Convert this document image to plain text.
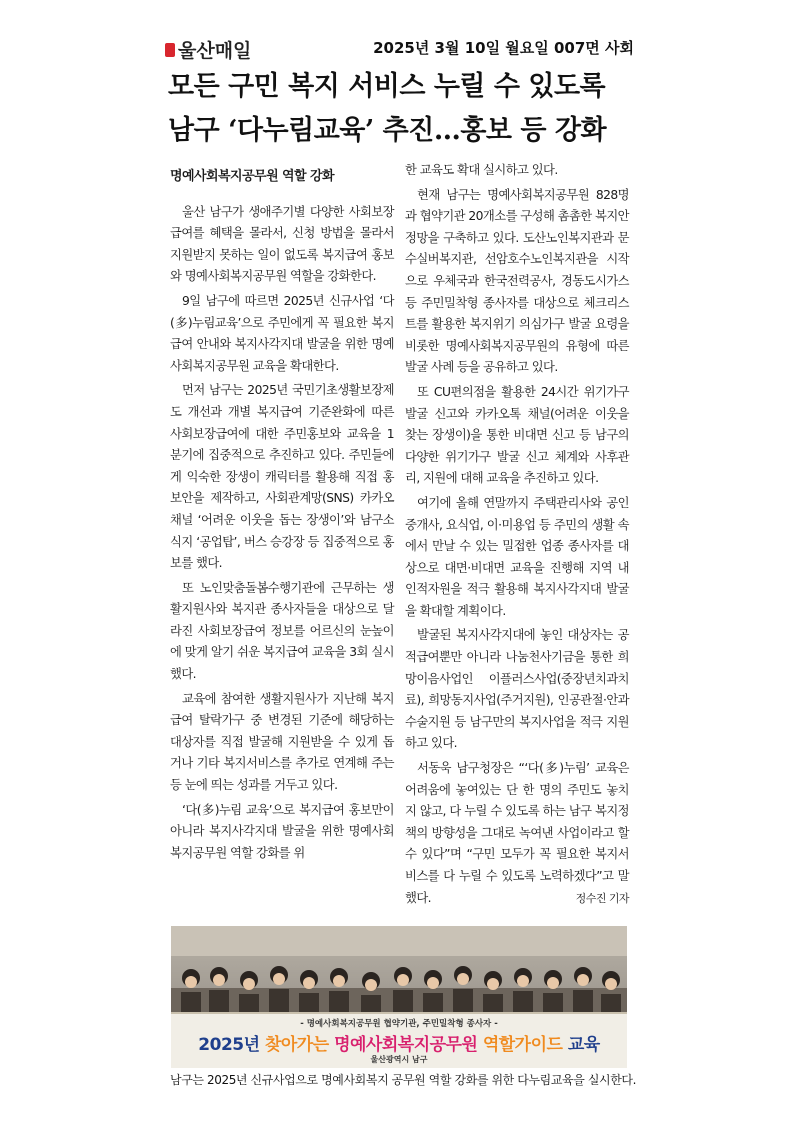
울산매일	2025년 3월 10일 월요일 007면 사회
모든 구민 복지 서비스 누릴 수 있도록
남구 ‘다누림교육’ 추진…홍보 등 강화

명예사회복지공무원 역할 강화

울산 남구가 생애주기별 다양한 사회보장급여를 혜택을 몰라서, 신청 방법을 몰라서 지원받지 못하는 일이 없도록 복지급여 홍보와 명예사회복지공무원 역할을 강화한다.

9일 남구에 따르면 2025년 신규사업 ‘다(多)누림교육’으로 주민에게 꼭 필요한 복지급여 안내와 복지사각지대 발굴을 위한 명예사회복지공무원 교육을 확대한다.

먼저 남구는 2025년 국민기초생활보장제도 개선과 개별 복지급여 기준완화에 따른 사회보장급여에 대한 주민홍보와 교육을 1분기에 집중적으로 추진하고 있다. 주민들에게 익숙한 장생이 캐릭터를 활용해 직접 홍보안을 제작하고, 사회관계망(SNS) 카카오채널 ‘어려운 이웃을 돕는 장생이’와 남구소식지 ‘공업탑’, 버스 승강장 등 집중적으로 홍보를 했다.

또 노인맞춤돌봄수행기관에 근무하는 생활지원사와 복지관 종사자들을 대상으로 달라진 사회보장급여 정보를 어르신의 눈높이에 맞게 알기 쉬운 복지급여 교육을 3회 실시했다.

교육에 참여한 생활지원사가 지난해 복지급여 탈락가구 중 변경된 기준에 해당하는 대상자를 직접 발굴해 지원받을 수 있게 돕거나 기타 복지서비스를 추가로 연계해 주는 등 눈에 띄는 성과를 거두고 있다.

‘다(多)누림 교육’으로 복지급여 홍보만이 아니라 복지사각지대 발굴을 위한 명예사회복지공무원 역할 강화를 위

한 교육도 확대 실시하고 있다.

현재 남구는 명예사회복지공무원 828명과 협약기관 20개소를 구성해 촘촘한 복지안정망을 구축하고 있다. 도산노인복지관과 문수실버복지관, 선암호수노인복지관을 시작으로 우체국과 한국전력공사, 경동도시가스 등 주민밀착형 종사자를 대상으로 체크리스트를 활용한 복지위기 의심가구 발굴 요령을 비롯한 명예사회복지공무원의 유형에 따른 발굴 사례 등을 공유하고 있다.

또 CU편의점을 활용한 24시간 위기가구 발굴 신고와 카카오톡 채널(어려운 이웃을 찾는 장생이)을 통한 비대면 신고 등 남구의 다양한 위기가구 발굴 신고 체계와 사후관리, 지원에 대해 교육을 추진하고 있다.

여기에 올해 연말까지 주택관리사와 공인중개사, 요식업, 이·미용업 등 주민의 생활 속에서 만날 수 있는 밀접한 업종 종사자를 대상으로 대면·비대면 교육을 진행해 지역 내 인적자원을 적극 활용해 복지사각지대 발굴을 확대할 계획이다.

발굴된 복지사각지대에 놓인 대상자는 공적급여뿐만 아니라 나눔천사기금을 통한 희망이음사업인 이플러스사업(중장년치과치료), 희망동지사업(주거지원), 인공관절·안과수술지원 등 남구만의 복지사업을 적극 지원하고 있다.

서동욱 남구청장은 “‘다(多)누림’ 교육은 어려움에 놓여있는 단 한 명의 주민도 놓치지 않고, 다 누릴 수 있도록 하는 남구 복지정책의 방향성을 그대로 녹여낸 사업이라고 할 수 있다”며 “구민 모두가 꼭 필요한 복지서비스를 다 누릴 수 있도록 노력하겠다”고 말했다.	정수진 기자

- 명예사회복지공무원 협약기관, 주민밀착형 종사자 -
2025년 찾아가는 명예사회복지공무원 역할가이드 교육
울산광역시 남구
남구는 2025년 신규사업으로 명예사회복지 공무원 역할 강화를 위한 다누림교육을 실시한다.
